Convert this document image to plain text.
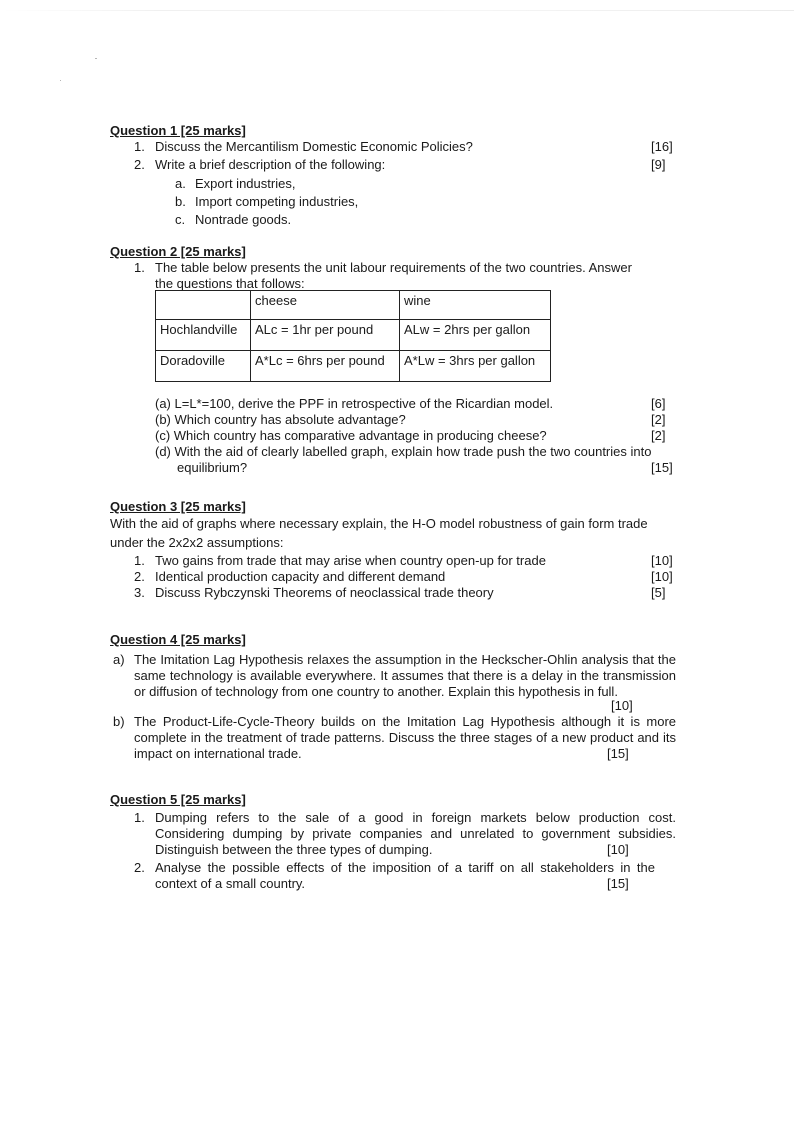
Question 1 [25 marks]
1. Discuss the Mercantilism Domestic Economic Policies?	[16]
2. Write a brief description of the following:	[9]
a. Export industries,
b. Import competing industries,
c. Nontrade goods.
Question 2 [25 marks]
1. The table below presents the unit labour requirements of the two countries. Answer
the questions that follows:
	cheese	wine
Hochlandville	ALc = 1hr per pound	ALw = 2hrs per gallon
Doradoville	A*Lc = 6hrs per pound	A*Lw = 3hrs per gallon
(a) L=L*=100, derive the PPF in retrospective of the Ricardian model.	[6]
(b) Which country has absolute advantage?	[2]
(c) Which country has comparative advantage in producing cheese?	[2]
(d) With the aid of clearly labelled graph, explain how trade push the two countries into
equilibrium?	[15]
Question 3 [25 marks]
With the aid of graphs where necessary explain, the H-O model robustness of gain form trade
under the 2x2x2 assumptions:
1. Two gains from trade that may arise when country open-up for trade	[10]
2. Identical production capacity and different demand	[10]
3. Discuss Rybczynski Theorems of neoclassical trade theory	[5]
Question 4 [25 marks]
a) The Imitation Lag Hypothesis relaxes the assumption in the Heckscher-Ohlin analysis that the same technology is available everywhere. It assumes that there is a delay in the transmission or diffusion of technology from one country to another. Explain this hypothesis in full.
[10]
b) The Product-Life-Cycle-Theory builds on the Imitation Lag Hypothesis although it is more complete in the treatment of trade patterns. Discuss the three stages of a new product and its impact on international trade.	[15]
Question 5 [25 marks]
1. Dumping refers to the sale of a good in foreign markets below production cost. Considering dumping by private companies and unrelated to government subsidies. Distinguish between the three types of dumping.	[10]
2. Analyse the possible effects of the imposition of a tariff on all stakeholders in the context of a small country.	[15]
